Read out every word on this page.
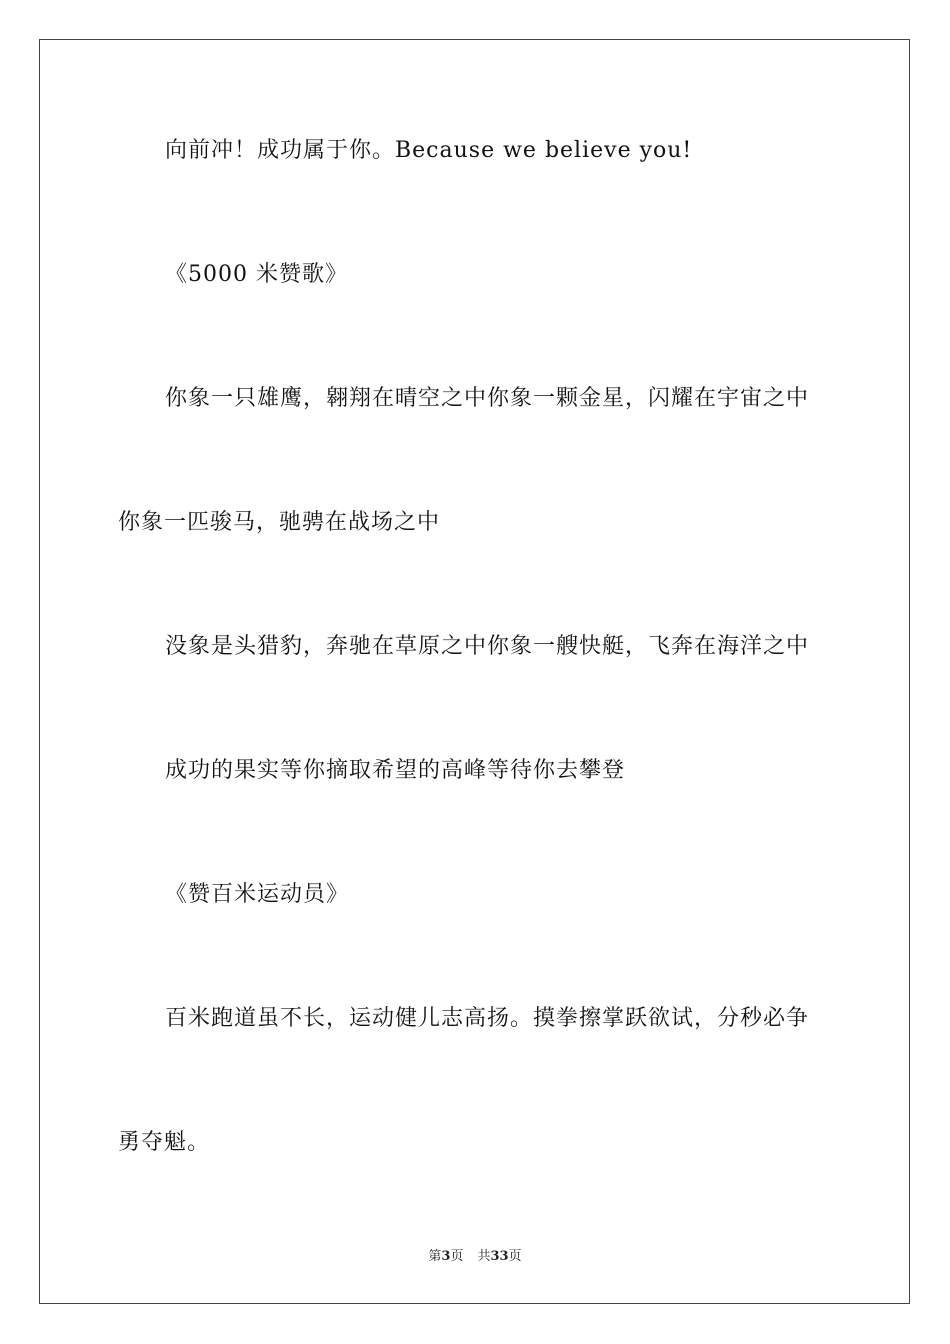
向前冲！成功属于你。Because we believe you!
《5000 米赞歌》
你象一只雄鹰，翱翔在晴空之中你象一颗金星，闪耀在宇宙之中
你象一匹骏马，驰骋在战场之中
没象是头猎豹，奔驰在草原之中你象一艘快艇，飞奔在海洋之中
成功的果实等你摘取希望的高峰等待你去攀登
《赞百米运动员》
百米跑道虽不长，运动健儿志高扬。摸拳擦掌跃欲试，分秒必争
勇夺魁。
第3页 共33页
